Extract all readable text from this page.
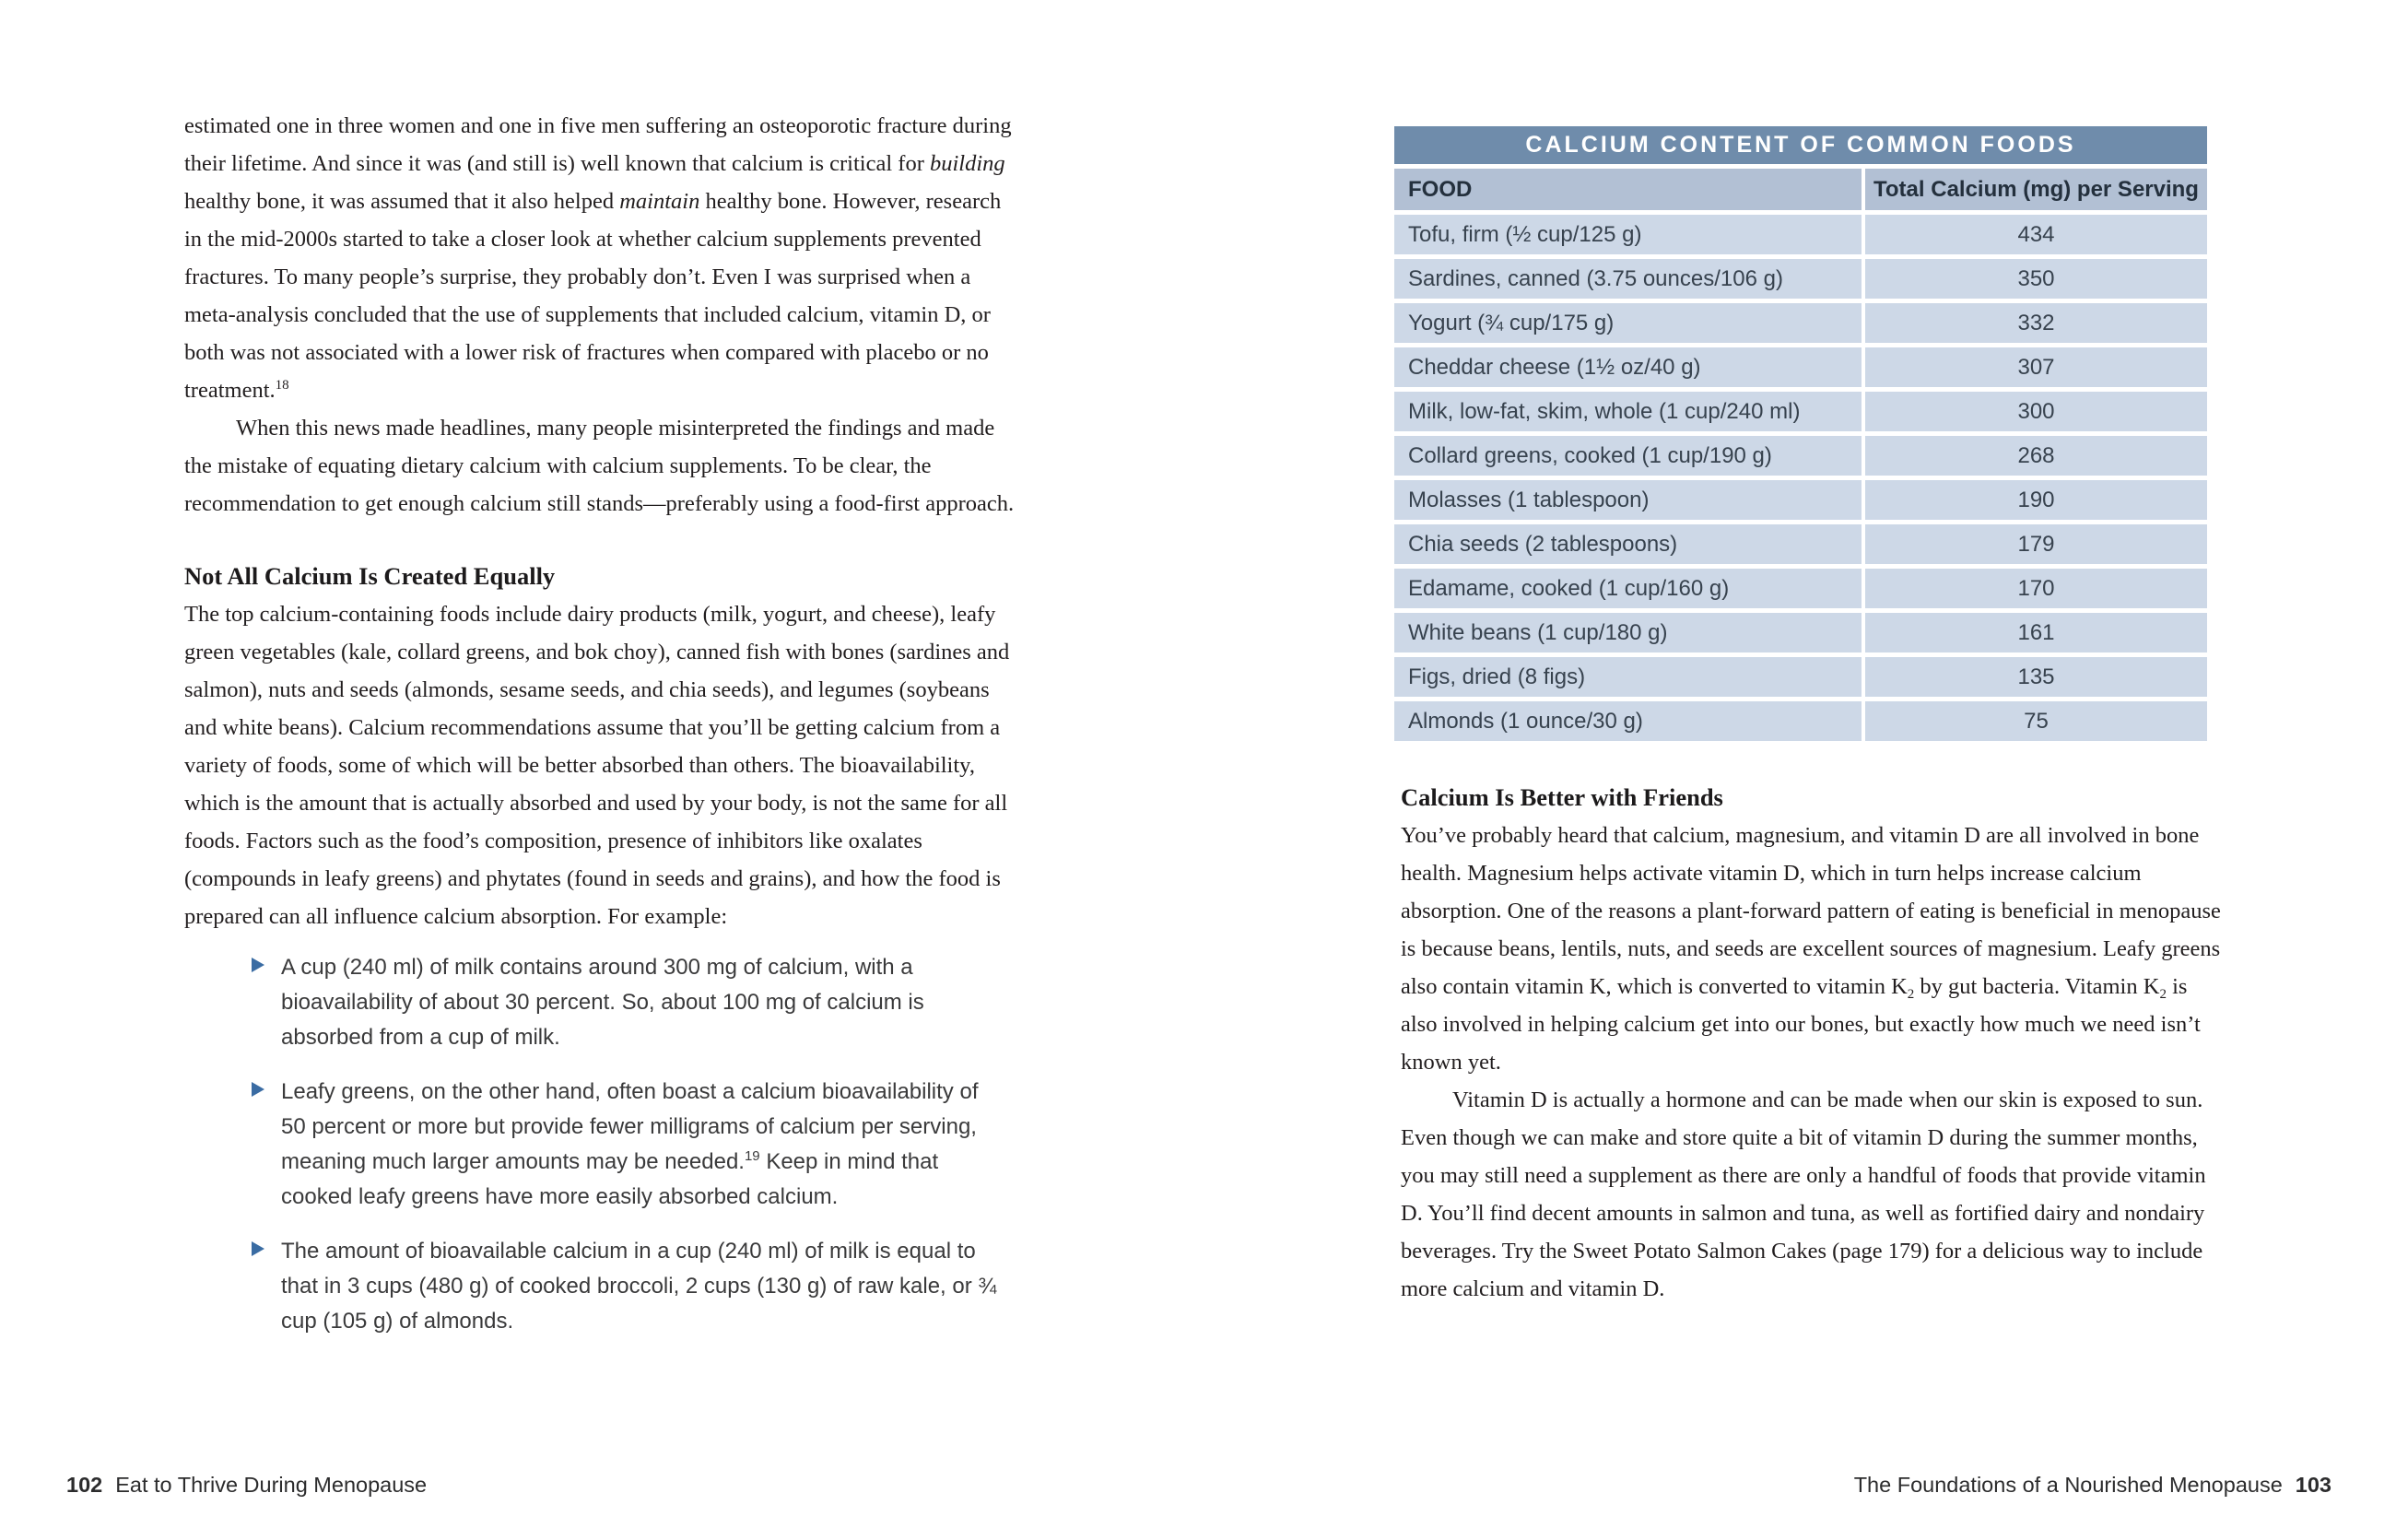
estimated one in three women and one in five men suffering an osteoporotic fracture during their lifetime. And since it was (and still is) well known that calcium is critical for building healthy bone, it was assumed that it also helped maintain healthy bone. However, research in the mid-2000s started to take a closer look at whether calcium supplements prevented fractures. To many people’s surprise, they probably don’t. Even I was surprised when a meta-analysis concluded that the use of supplements that included calcium, vitamin D, or both was not associated with a lower risk of fractures when compared with placebo or no treatment.$^{18}$

When this news made headlines, many people misinterpreted the findings and made the mistake of equating dietary calcium with calcium supplements. To be clear, the recommendation to get enough calcium still stands—preferably using a food-first approach.

Not All Calcium Is Created Equally

The top calcium-containing foods include dairy products (milk, yogurt, and cheese), leafy green vegetables (kale, collard greens, and bok choy), canned fish with bones (sardines and salmon), nuts and seeds (almonds, sesame seeds, and chia seeds), and legumes (soybeans and white beans). Calcium recommendations assume that you’ll be getting calcium from a variety of foods, some of which will be better absorbed than others. The bioavailability, which is the amount that is actually absorbed and used by your body, is not the same for all foods. Factors such as the food’s composition, presence of inhibitors like oxalates (compounds in leafy greens) and phytates (found in seeds and grains), and how the food is prepared can all influence calcium absorption. For example:

A cup (240 ml) of milk contains around 300 mg of calcium, with a bioavailability of about 30 percent. So, about 100 mg of calcium is absorbed from a cup of milk.
Leafy greens, on the other hand, often boast a calcium bioavailability of 50 percent or more but provide fewer milligrams of calcium per serving, meaning much larger amounts may be needed.$^{19}$ Keep in mind that cooked leafy greens have more easily absorbed calcium.
The amount of bioavailable calcium in a cup (240 ml) of milk is equal to that in 3 cups (480 g) of cooked broccoli, 2 cups (130 g) of raw kale, or ¾ cup (105 g) of almonds.
102 Eat to Thrive During Menopause
CALCIUM CONTENT OF COMMON FOODS
FOOD	Total Calcium (mg) per Serving
Tofu, firm (½ cup/125 g)	434
Sardines, canned (3.75 ounces/106 g)	350
Yogurt (¾ cup/175 g)	332
Cheddar cheese (1½ oz/40 g)	307
Milk, low-fat, skim, whole (1 cup/240 ml)	300
Collard greens, cooked (1 cup/190 g)	268
Molasses (1 tablespoon)	190
Chia seeds (2 tablespoons)	179
Edamame, cooked (1 cup/160 g)	170
White beans (1 cup/180 g)	161
Figs, dried (8 figs)	135
Almonds (1 ounce/30 g)	75
Calcium Is Better with Friends

You’ve probably heard that calcium, magnesium, and vitamin D are all involved in bone health. Magnesium helps activate vitamin D, which in turn helps increase calcium absorption. One of the reasons a plant-forward pattern of eating is beneficial in menopause is because beans, lentils, nuts, and seeds are excellent sources of magnesium. Leafy greens also contain vitamin K, which is converted to vitamin $K_2$ by gut bacteria. Vitamin $K_2$ is also involved in helping calcium get into our bones, but exactly how much we need isn’t known yet.

Vitamin D is actually a hormone and can be made when our skin is exposed to sun. Even though we can make and store quite a bit of vitamin D during the summer months, you may still need a supplement as there are only a handful of foods that provide vitamin D. You’ll find decent amounts in salmon and tuna, as well as fortified dairy and nondairy beverages. Try the Sweet Potato Salmon Cakes (page 179) for a delicious way to include more calcium and vitamin D.

The Foundations of a Nourished Menopause 103
